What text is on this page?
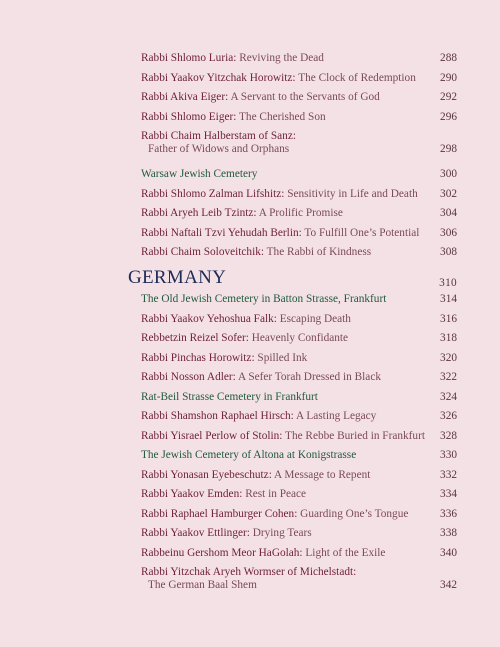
Rabbi Shlomo Luria: Reviving the Dead	288
Rabbi Yaakov Yitzchak Horowitz: The Clock of Redemption 290
Rabbi Akiva Eiger: A Servant to the Servants of God	292
Rabbi Shlomo Eiger: The Cherished Son	296
Rabbi Chaim Halberstam of Sanz:
Father of Widows and Orphans	298
Warsaw Jewish Cemetery	300
Rabbi Shlomo Zalman Lifshitz: Sensitivity in Life and Death 302
Rabbi Aryeh Leib Tzintz: A Prolific Promise	304
Rabbi Naftali Tzvi Yehudah Berlin: To Fulfill One’s Potential 306
Rabbi Chaim Soloveitchik: The Rabbi of Kindness	308
GERMANY	310
The Old Jewish Cemetery in Batton Strasse, Frankfurt	314
Rabbi Yaakov Yehoshua Falk: Escaping Death	316
Rebbetzin Reizel Sofer: Heavenly Confidante	318
Rabbi Pinchas Horowitz: Spilled Ink	320
Rabbi Nosson Adler: A Sefer Torah Dressed in Black	322
Rat-Beil Strasse Cemetery in Frankfurt	324
Rabbi Shamshon Raphael Hirsch: A Lasting Legacy	326
Rabbi Yisrael Perlow of Stolin: The Rebbe Buried in Frankfurt 328
The Jewish Cemetery of Altona at Konigstrasse	330
Rabbi Yonasan Eyebeschutz: A Message to Repent	332
Rabbi Yaakov Emden: Rest in Peace	334
Rabbi Raphael Hamburger Cohen: Guarding One’s Tongue	336
Rabbi Yaakov Ettlinger: Drying Tears	338
Rabbeinu Gershom Meor HaGolah: Light of the Exile	340
Rabbi Yitzchak Aryeh Wormser of Michelstadt:
The German Baal Shem	342
